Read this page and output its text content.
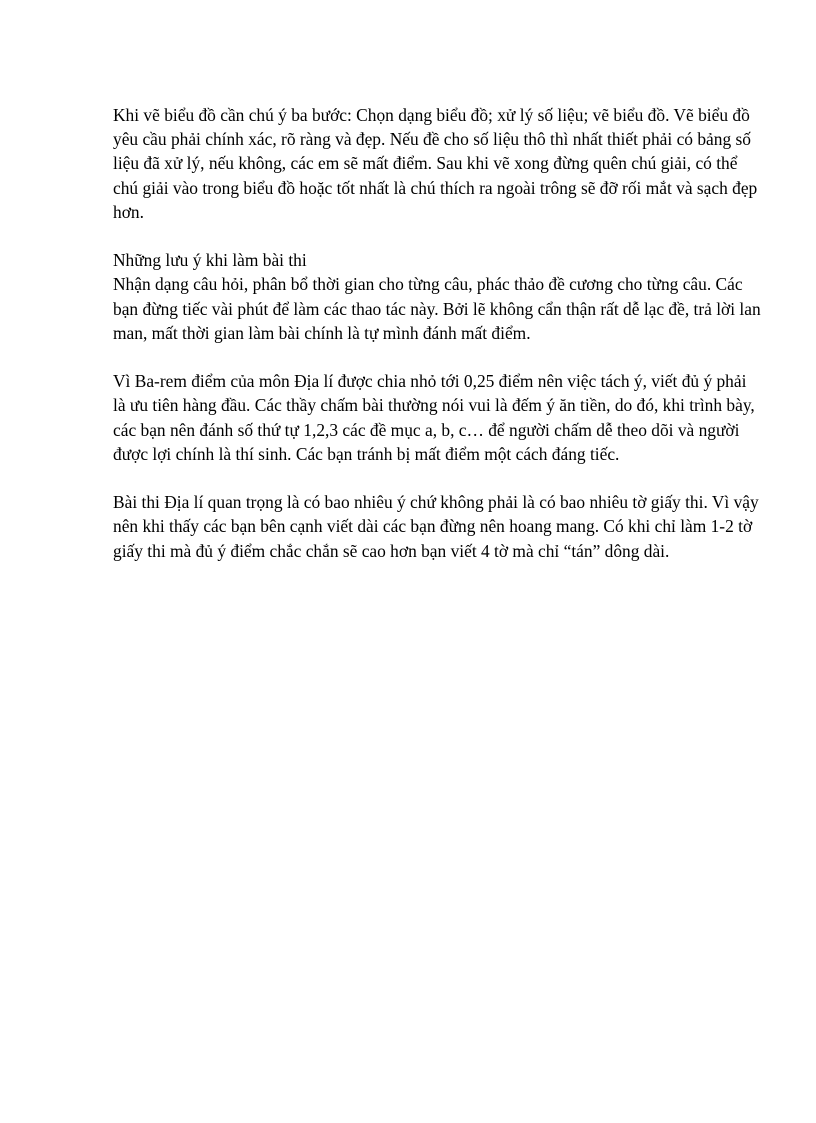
Khi vẽ biểu đồ cần chú ý ba bước: Chọn dạng biểu đồ; xử lý số liệu; vẽ biểu đồ. Vẽ biểu đồ yêu cầu phải chính xác, rõ ràng và đẹp. Nếu đề cho số liệu thô thì nhất thiết phải có bảng số liệu đã xử lý, nếu không, các em sẽ mất điểm. Sau khi vẽ xong đừng quên chú giải, có thể chú giải vào trong biểu đồ hoặc tốt nhất là chú thích ra ngoài trông sẽ đỡ rối mắt và sạch đẹp hơn.

Những lưu ý khi làm bài thi

Nhận dạng câu hỏi, phân bổ thời gian cho từng câu, phác thảo đề cương cho từng câu. Các bạn đừng tiếc vài phút để làm các thao tác này. Bởi lẽ không cẩn thận rất dễ lạc đề, trả lời lan man, mất thời gian làm bài chính là tự mình đánh mất điểm.

Vì Ba-rem điểm của môn Địa lí được chia nhỏ tới 0,25 điểm nên việc tách ý, viết đủ ý phải là ưu tiên hàng đầu. Các thầy chấm bài thường nói vui là đếm ý ăn tiền, do đó, khi trình bày, các bạn nên đánh số thứ tự 1,2,3 các đề mục a, b, c… để người chấm dễ theo dõi và người được lợi chính là thí sinh. Các bạn tránh bị mất điểm một cách đáng tiếc.

Bài thi Địa lí quan trọng là có bao nhiêu ý chứ không phải là có bao nhiêu tờ giấy thi. Vì vậy nên khi thấy các bạn bên cạnh viết dài các bạn đừng nên hoang mang. Có khi chỉ làm 1-2 tờ giấy thi mà đủ ý điểm chắc chắn sẽ cao hơn bạn viết 4 tờ mà chỉ “tán” dông dài.
